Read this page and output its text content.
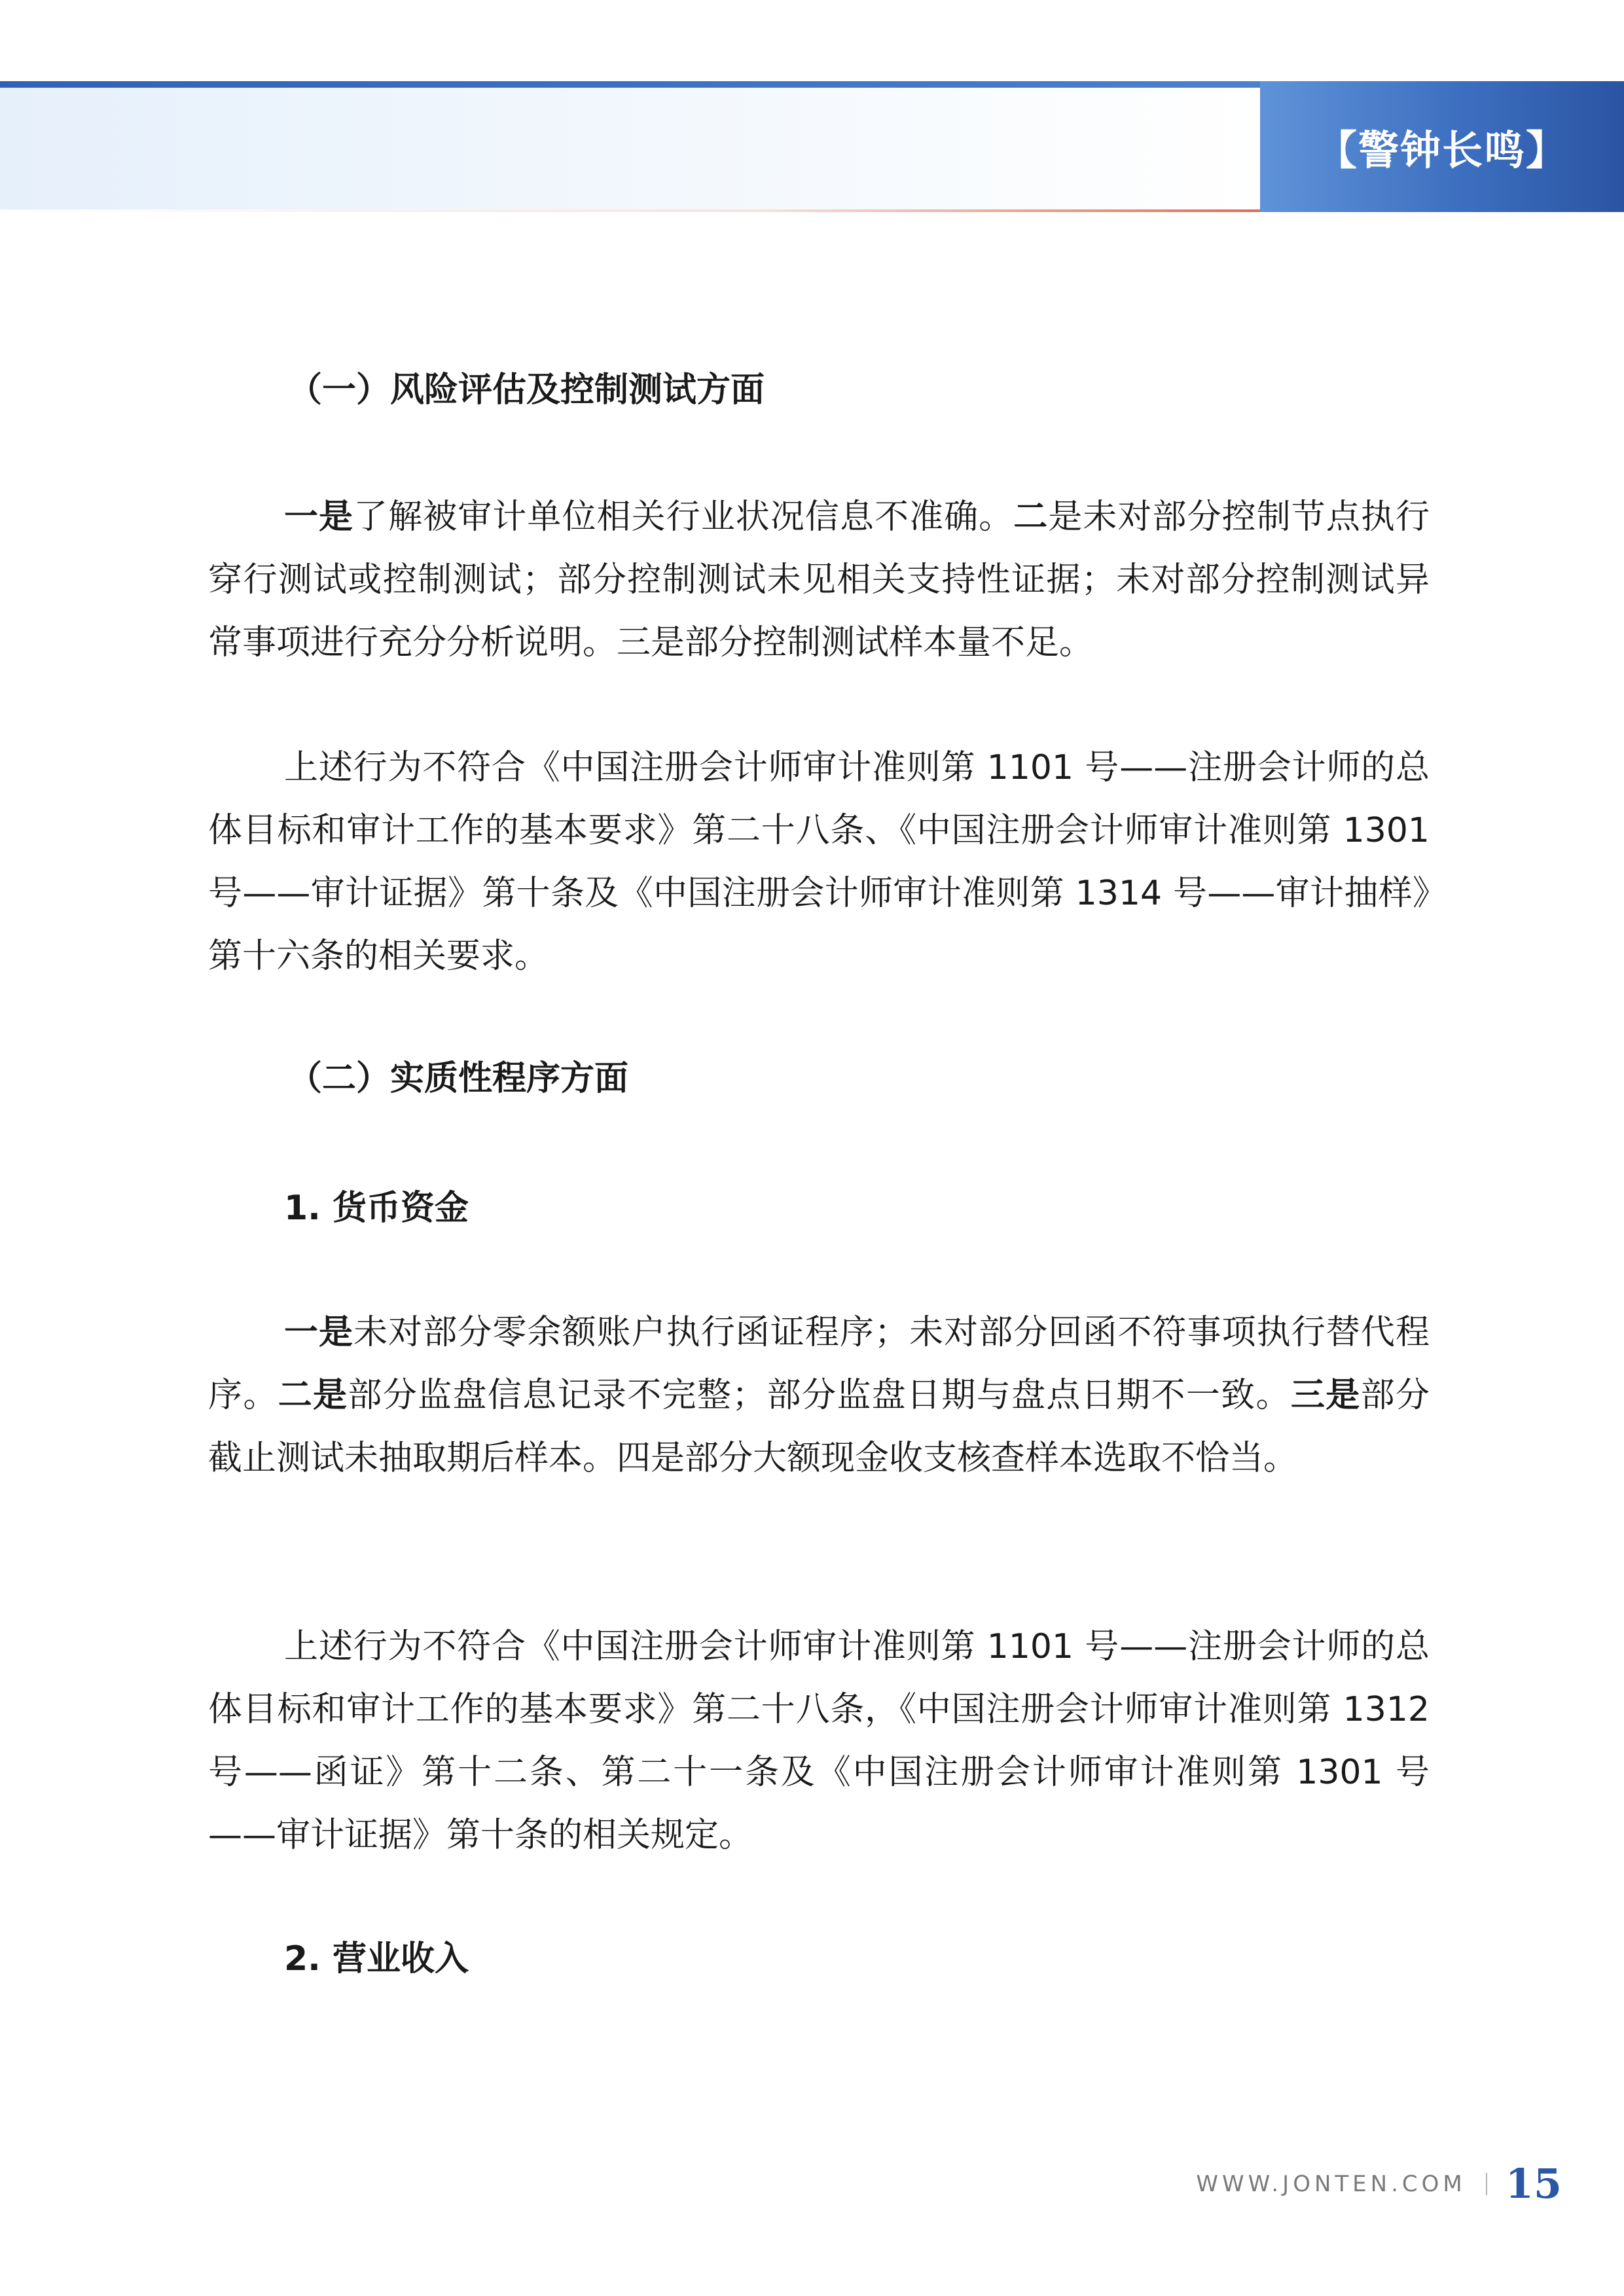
【警钟长鸣】
（一）风险评估及控制测试方面

一是了解被审计单位相关行业状况信息不准确。二是未对部分控制节点执行穿行测试或控制测试；部分控制测试未见相关支持性证据；未对部分控制测试异常事项进行充分分析说明。三是部分控制测试样本量不足。

上述行为不符合《中国注册会计师审计准则第 1101 号——注册会计师的总体目标和审计工作的基本要求》第二十八条、《中国注册会计师审计准则第 1301 号——审计证据》第十条及《中国注册会计师审计准则第 1314 号——审计抽样》第十六条的相关要求。

（二）实质性程序方面
1. 货币资金

一是未对部分零余额账户执行函证程序；未对部分回函不符事项执行替代程序。二是部分监盘信息记录不完整；部分监盘日期与盘点日期不一致。三是部分截止测试未抽取期后样本。四是部分大额现金收支核查样本选取不恰当。

上述行为不符合《中国注册会计师审计准则第 1101 号——注册会计师的总体目标和审计工作的基本要求》第二十八条，《中国注册会计师审计准则第 1312 号——函证》第十二条、第二十一条及《中国注册会计师审计准则第 1301 号——审计证据》第十条的相关规定。

2. 营业收入
WWW.JONTEN.COM 15
